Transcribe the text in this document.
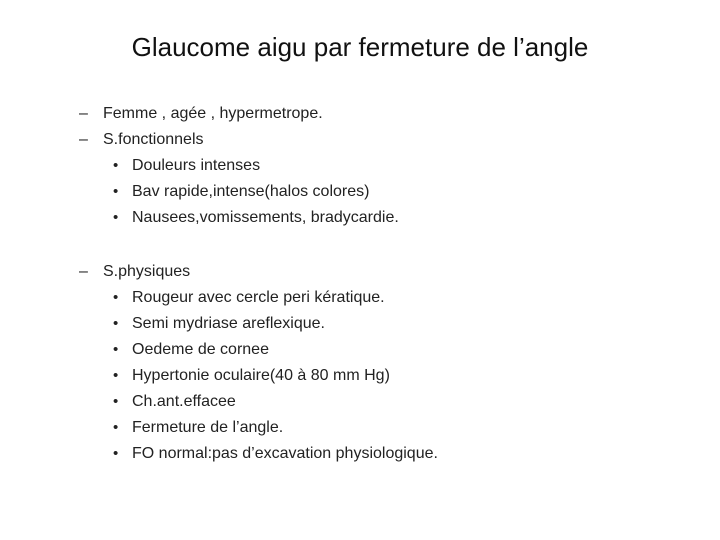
Glaucome aigu par fermeture de l’angle
– Femme , agée , hypermetrope.
– S.fonctionnels
• Douleurs intenses
• Bav rapide,intense(halos colores)
• Nausees,vomissements, bradycardie.
– S.physiques
• Rougeur avec cercle peri kératique.
• Semi mydriase areflexique.
• Oedeme de cornee
• Hypertonie oculaire(40 à 80 mm Hg)
• Ch.ant.effacee
• Fermeture de l’angle.
• FO normal:pas d’excavation physiologique.
